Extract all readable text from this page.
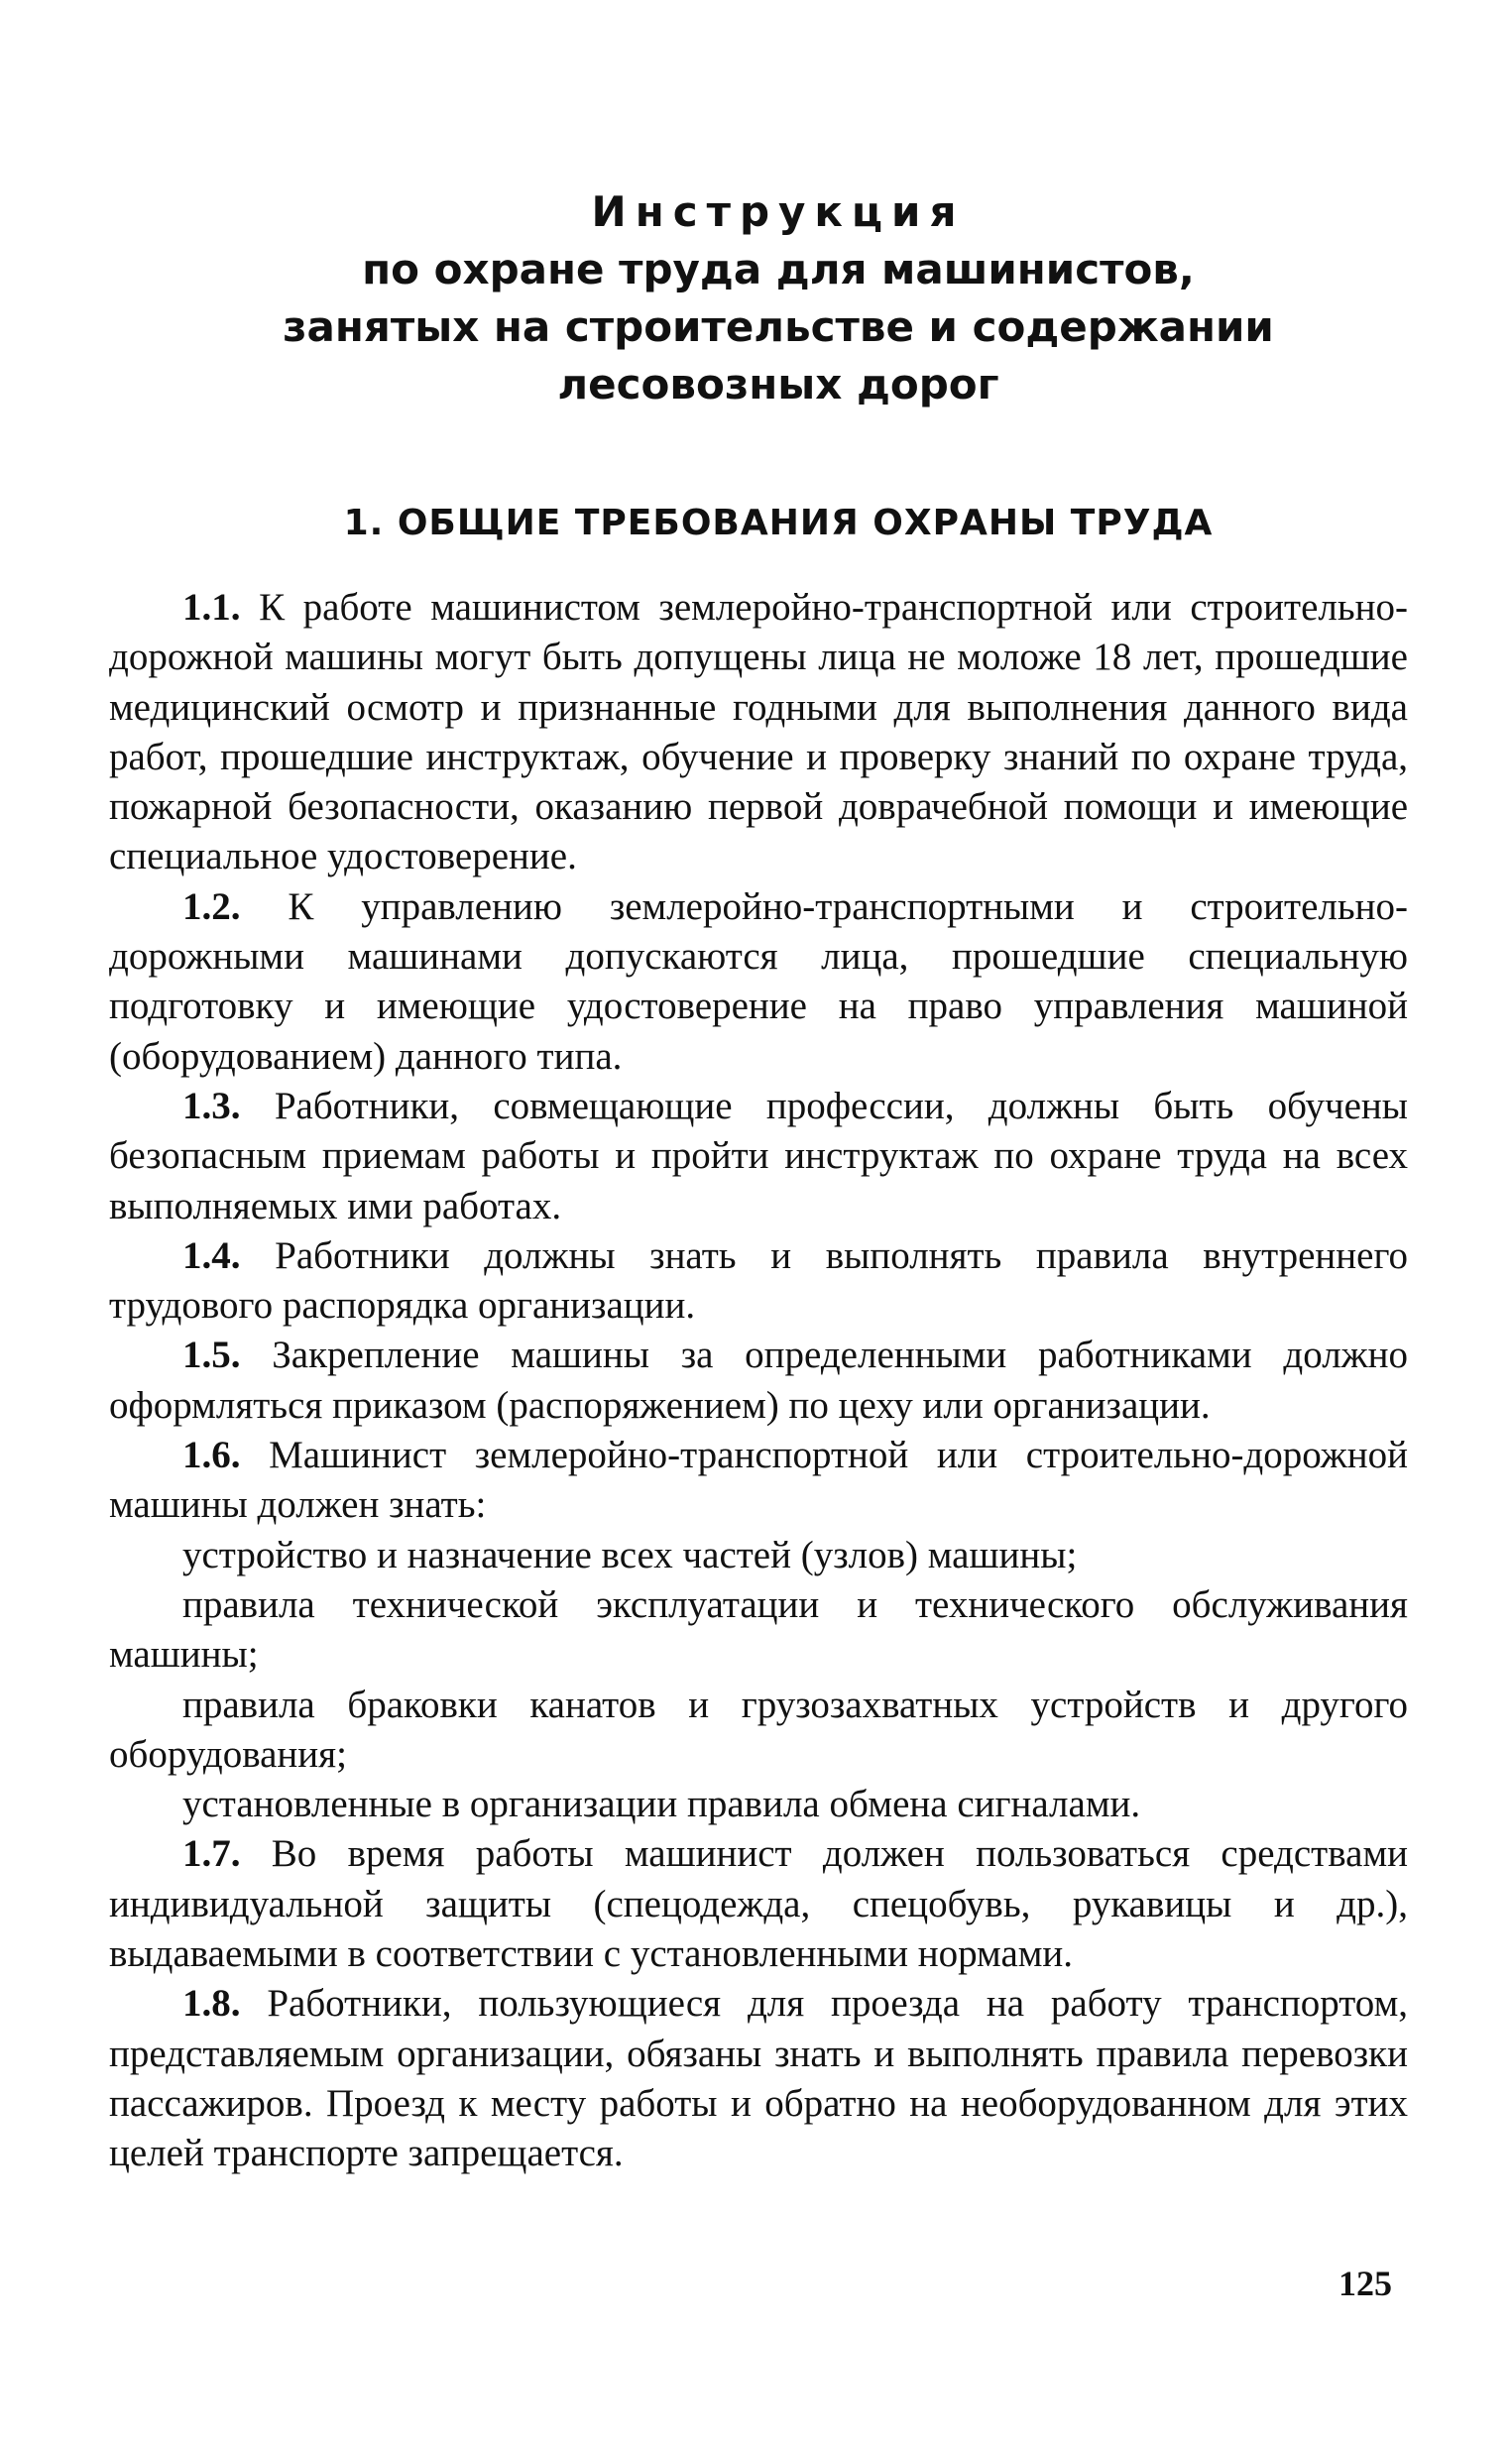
Инструкция
по охране труда для машинистов,
занятых на строительстве и содержании
лесовозных дорог
1. ОБЩИЕ ТРЕБОВАНИЯ ОХРАНЫ ТРУДА

1.1. К работе машинистом землеройно-транспортной или строительно-дорожной машины могут быть допущены лица не моложе 18 лет, прошедшие медицинский осмотр и признанные годными для выполнения данного вида работ, прошедшие инструктаж, обучение и проверку знаний по охране труда, пожарной безопасности, оказанию первой доврачебной помощи и имеющие специальное удостоверение.

1.2. К управлению землеройно-транспортными и строительно-дорожными машинами допускаются лица, прошедшие специальную подготовку и имеющие удостоверение на право управления машиной (оборудованием) данного типа.

1.3. Работники, совмещающие профессии, должны быть обучены безопасным приемам работы и пройти инструктаж по охране труда на всех выполняемых ими работах.

1.4. Работники должны знать и выполнять правила внутреннего трудового распорядка организации.

1.5. Закрепление машины за определенными работниками должно оформляться приказом (распоряжением) по цеху или организации.

1.6. Машинист землеройно-транспортной или строительно-дорожной машины должен знать:

устройство и назначение всех частей (узлов) машины;

правила технической эксплуатации и технического обслуживания машины;

правила браковки канатов и грузозахватных устройств и другого оборудования;

установленные в организации правила обмена сигналами.

1.7. Во время работы машинист должен пользоваться средствами индивидуальной защиты (спецодежда, спецобувь, рукавицы и др.), выдаваемыми в соответствии с установленными нормами.

1.8. Работники, пользующиеся для проезда на работу транспортом, представляемым организации, обязаны знать и выполнять правила перевозки пассажиров. Проезд к месту работы и обратно на необорудованном для этих целей транспорте запрещается.

125
